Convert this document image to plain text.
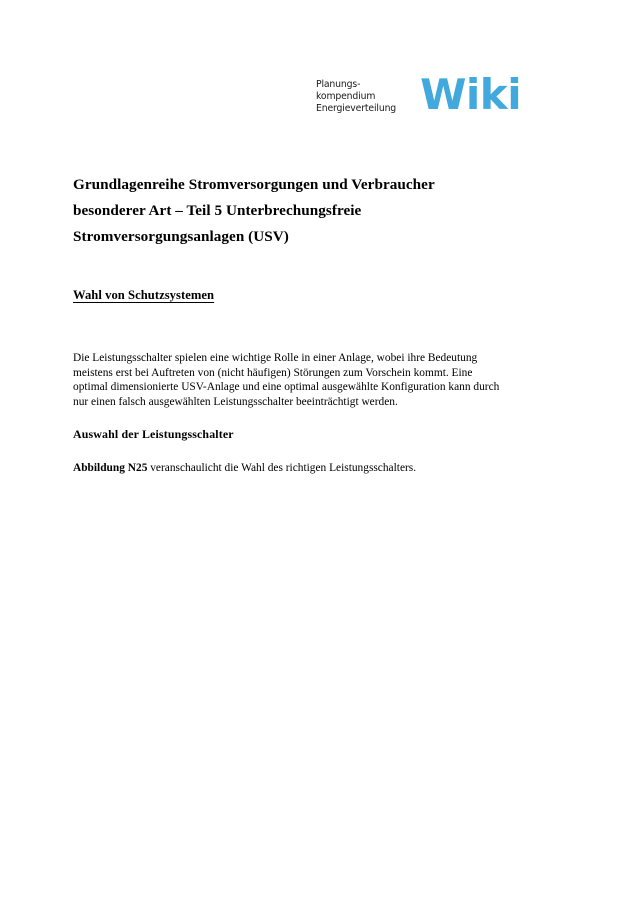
Planungs-
kompendium
Energieverteilung Wiki
Grundlagenreihe Stromversorgungen und Verbraucher
besonderer Art – Teil 5 Unterbrechungsfreie
Stromversorgungsanlagen (USV)
Wahl von Schutzsystemen
Die Leistungsschalter spielen eine wichtige Rolle in einer Anlage, wobei ihre Bedeutung
meistens erst bei Auftreten von (nicht häufigen) Störungen zum Vorschein kommt. Eine
optimal dimensionierte USV-Anlage und eine optimal ausgewählte Konfiguration kann durch
nur einen falsch ausgewählten Leistungsschalter beeinträchtigt werden.
Auswahl der Leistungsschalter
Abbildung N25 veranschaulicht die Wahl des richtigen Leistungsschalters.
